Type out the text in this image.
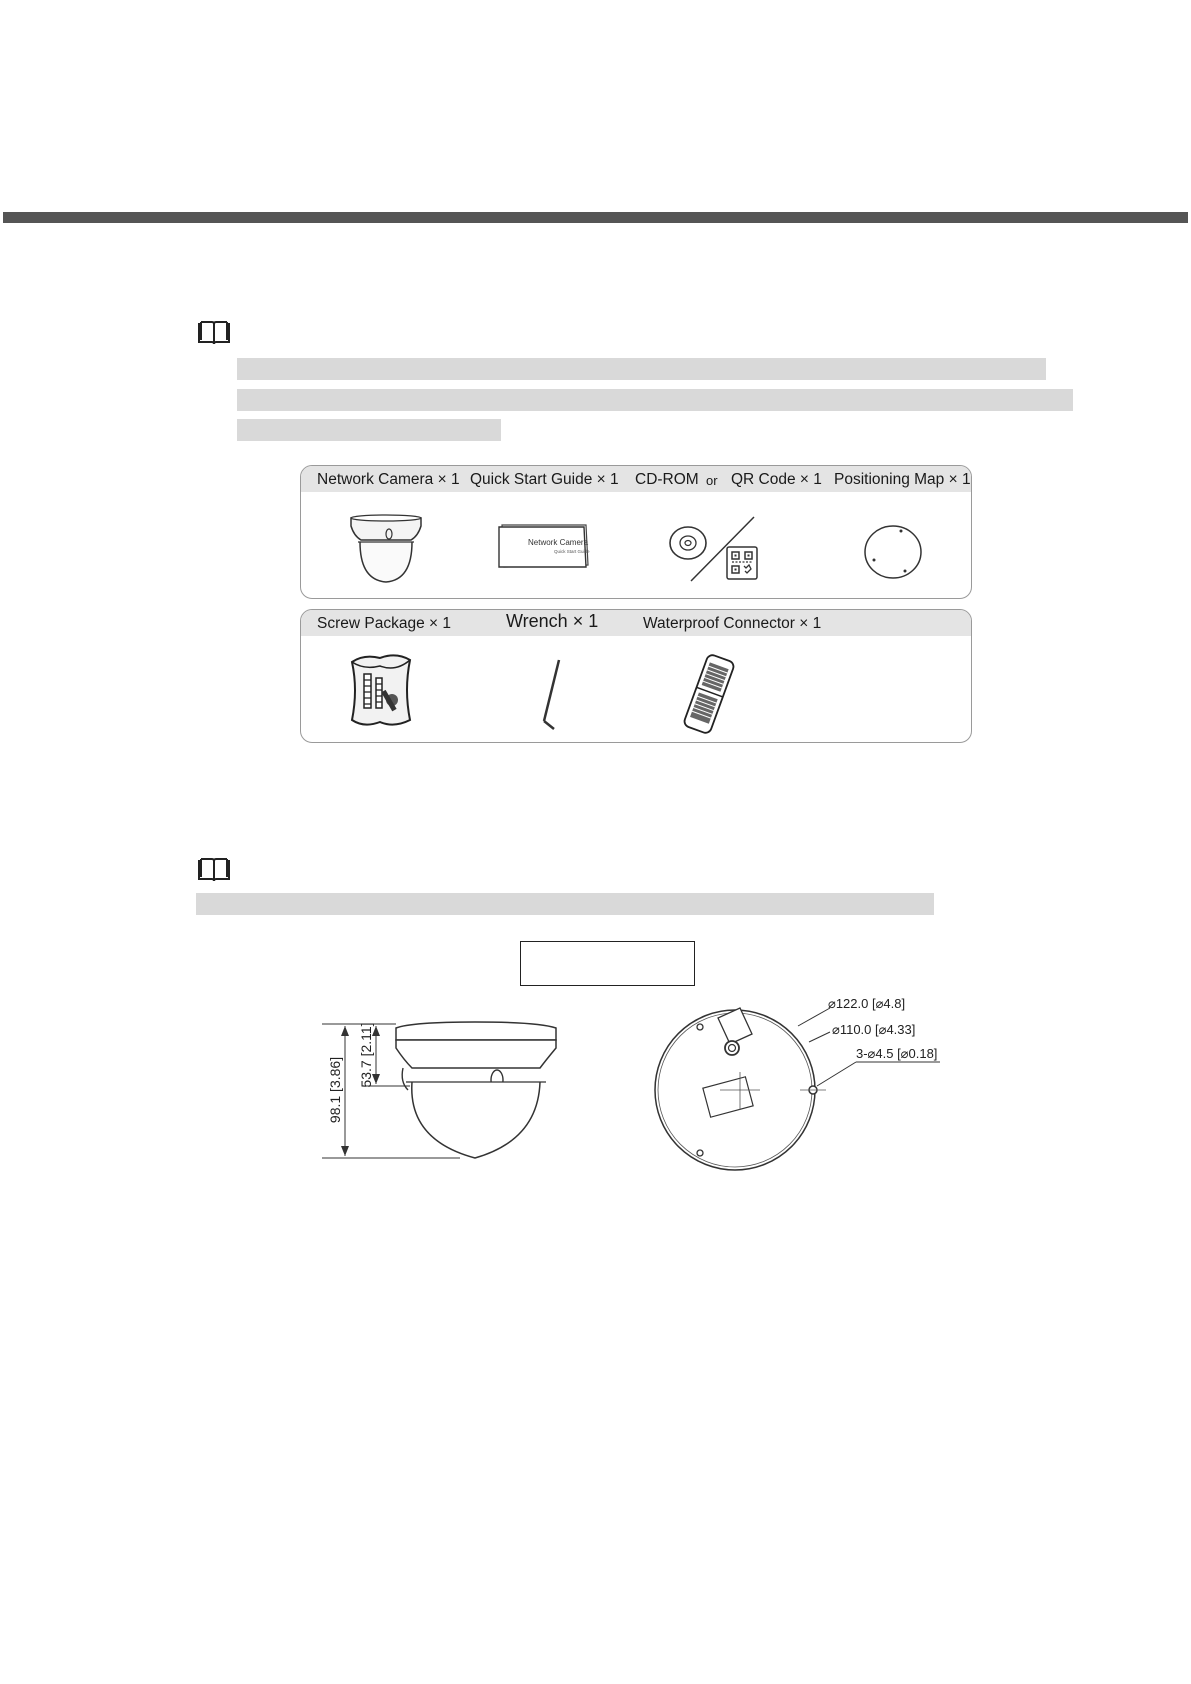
Network Camera × 1 Quick Start Guide × 1 CD-ROM or QR Code × 1 Positioning Map × 1
Network Camera
Quick Start Guide
Screw Package × 1	Wrench × 1	Waterproof Connector × 1
98.1 [3.86]
53.7 [2.11]
⌀122.0 [⌀4.8]
⌀110.0 [⌀4.33]
3-⌀4.5 [⌀0.18]
